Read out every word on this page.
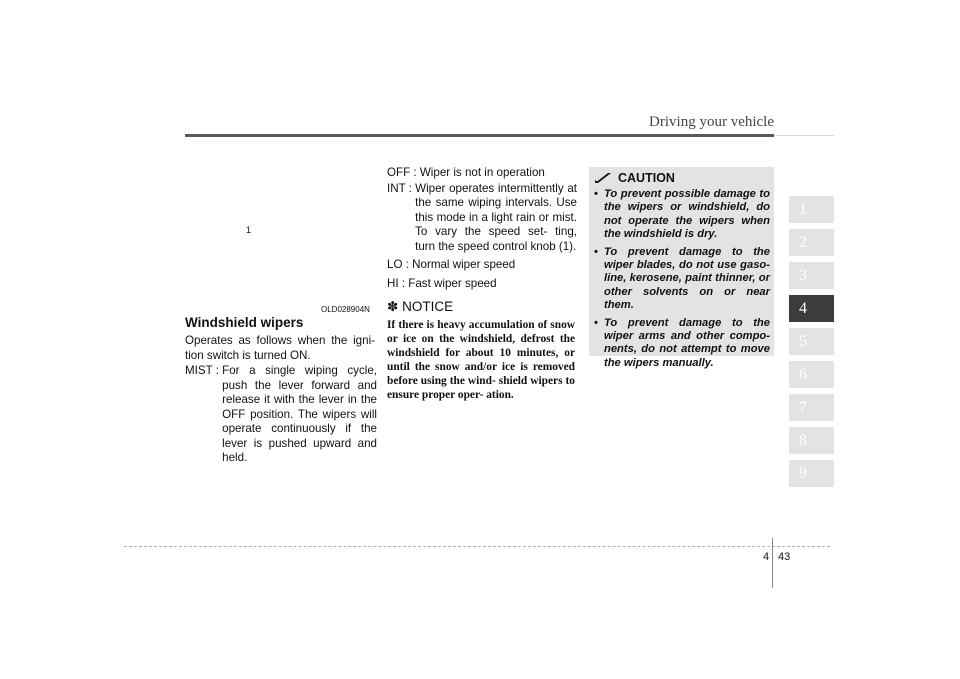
Driving your vehicle
1
OLD028904N
Windshield wipers
Operates as follows when the igni- tion switch is turned ON.
MIST : For a single wiping cycle, push the lever forward and release it with the lever in the OFF position. The wipers will operate continuously if the lever is pushed upward and held.
OFF : Wiper is not in operation
INT : Wiper operates intermittently at the same wiping intervals. Use this mode in a light rain or mist. To vary the speed set- ting, turn the speed control knob (1).
LO : Normal wiper speed
HI : Fast wiper speed
✽ NOTICE
If there is heavy accumulation of snow or ice on the windshield, defrost the windshield for about 10 minutes, or until the snow and/or ice is removed before using the wind- shield wipers to ensure proper oper- ation.
CAUTION
• To prevent possible damage to the wipers or windshield, do not operate the wipers when the windshield is dry.
• To prevent damage to the wiper blades, do not use gaso- line, kerosene, paint thinner, or other solvents on or near them.
• To prevent damage to the wiper arms and other compo- nents, do not attempt to move the wipers manually.
1
2
3
4
5
6
7
8
9
4 43
